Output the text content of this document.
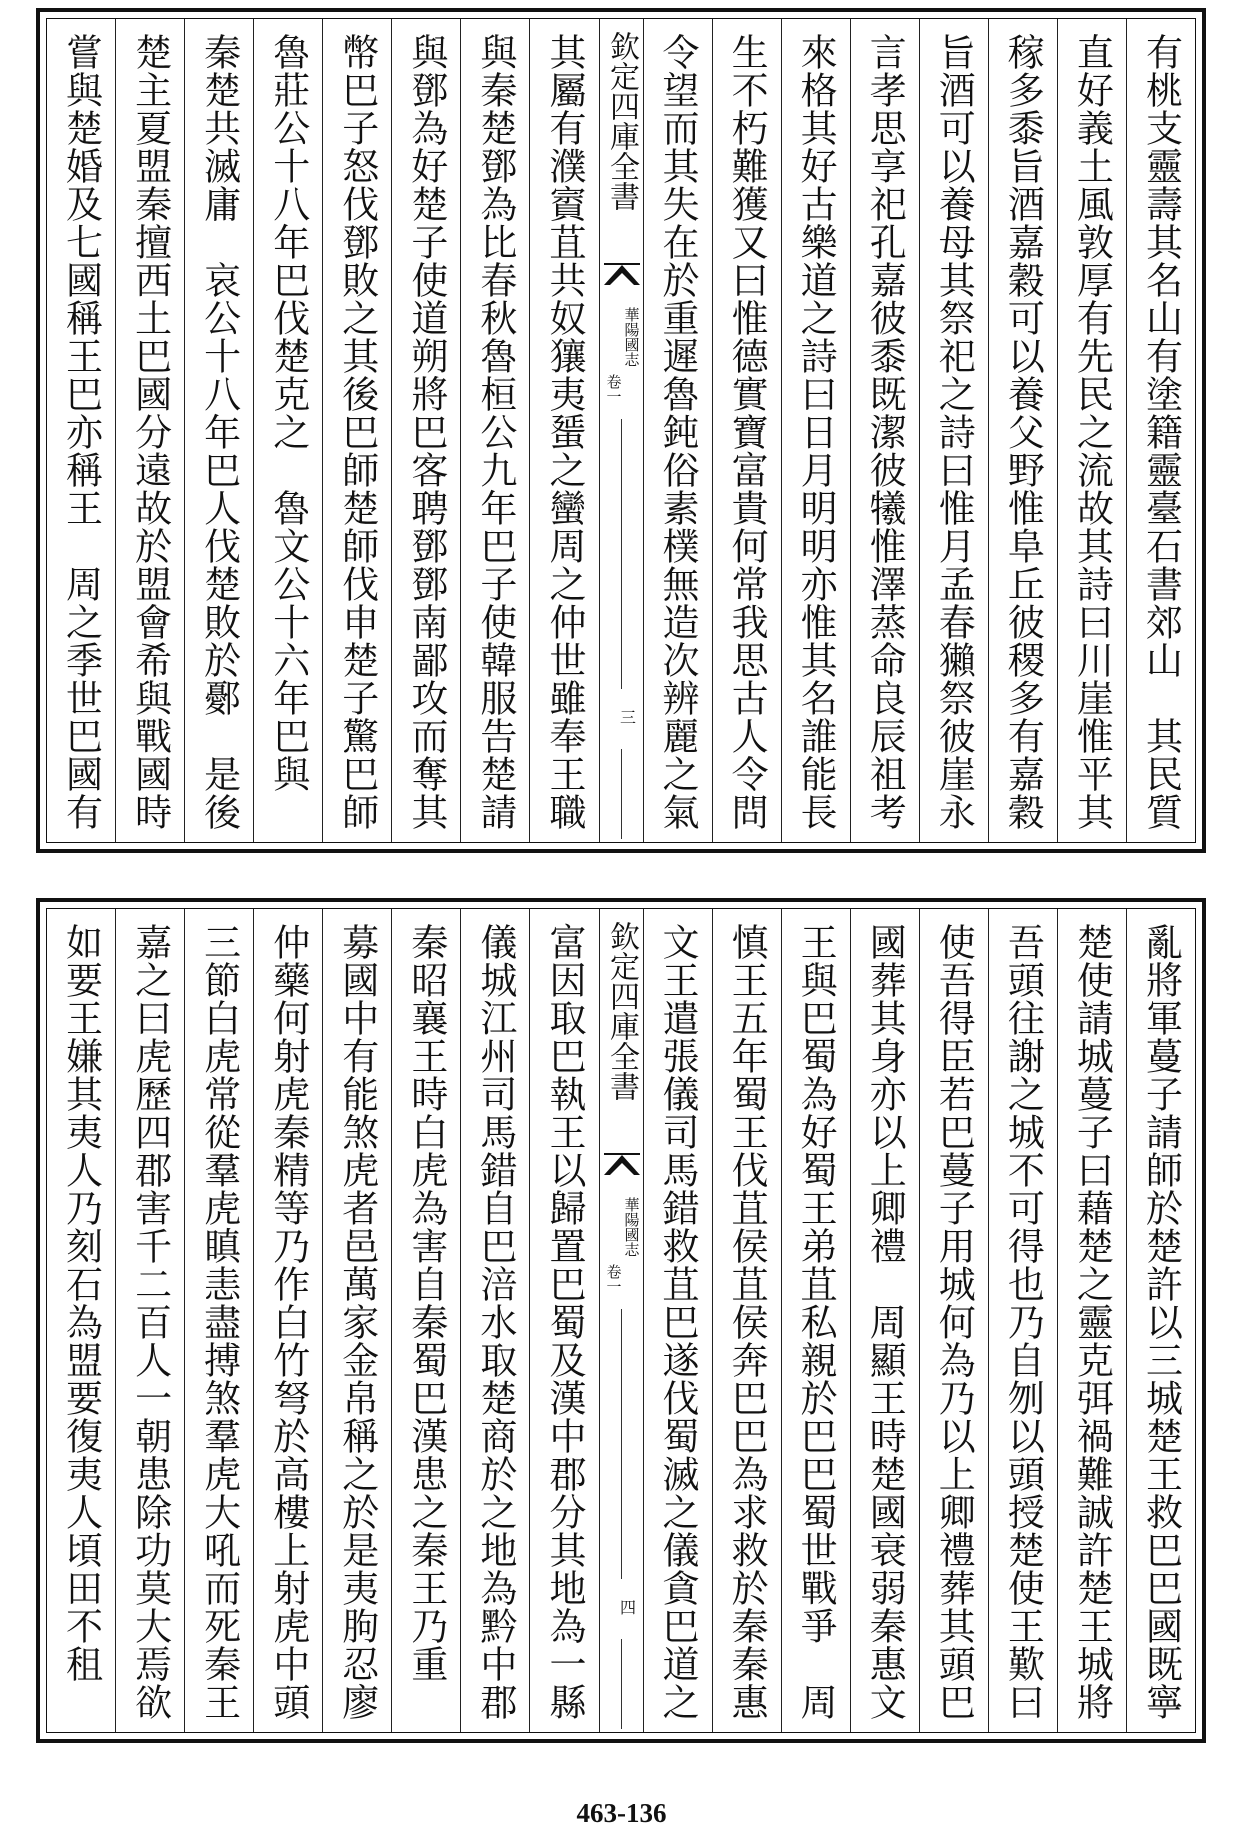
有桃支靈壽其名山有塗籍靈臺石書郊山　其民質
直好義土風敦厚有先民之流故其詩曰川崖惟平其
稼多黍旨酒嘉穀可以養父野惟阜丘彼稷多有嘉穀
旨酒可以養母其祭祀之詩曰惟月孟春獺祭彼崖永
言孝思享祀孔嘉彼黍既潔彼犧惟澤蒸命良辰祖考
來格其好古樂道之詩曰日月明明亦惟其名誰能長
生不朽難獲又曰惟德實寶富貴何常我思古人令問
令望而其失在於重遲魯鈍俗素樸無造次辨麗之氣
欽定四庫全書
華陽國志
卷一
三
其屬有濮賨苴共奴獽夷蜑之蠻周之仲世雖奉王職
與秦楚鄧為比春秋魯桓公九年巴子使韓服告楚請
與鄧為好楚子使道朔將巴客聘鄧鄧南鄙攻而奪其
幣巴子怒伐鄧敗之其後巴師楚師伐申楚子驚巴師
魯莊公十八年巴伐楚克之　魯文公十六年巴與
秦楚共滅庸　哀公十八年巴人伐楚敗於鄾　是後
楚主夏盟秦擅西土巴國分遠故於盟會希與戰國時
嘗與楚婚及七國稱王巴亦稱王　周之季世巴國有
亂將軍蔓子請師於楚許以三城楚王救巴巴國既寧
楚使請城蔓子曰藉楚之靈克弭禍難誠許楚王城將
吾頭往謝之城不可得也乃自刎以頭授楚使王歎曰
使吾得臣若巴蔓子用城何為乃以上卿禮葬其頭巴
國葬其身亦以上卿禮　周顯王時楚國衰弱秦惠文
王與巴蜀為好蜀王弟苴私親於巴巴蜀世戰爭　周
慎王五年蜀王伐苴侯苴侯奔巴巴為求救於秦秦惠
文王遣張儀司馬錯救苴巴遂伐蜀滅之儀貪巴道之
欽定四庫全書
華陽國志
卷一
四
富因取巴執王以歸置巴蜀及漢中郡分其地為一縣
儀城江州司馬錯自巴涪水取楚商於之地為黔中郡
秦昭襄王時白虎為害自秦蜀巴漢患之秦王乃重
募國中有能煞虎者邑萬家金帛稱之於是夷朐忍廖
仲藥何射虎秦精等乃作白竹弩於高樓上射虎中頭
三節白虎常從羣虎瞋恚盡搏煞羣虎大吼而死秦王
嘉之曰虎歷四郡害千二百人一朝患除功莫大焉欲
如要王嫌其夷人乃刻石為盟要復夷人頃田不租
463-136
